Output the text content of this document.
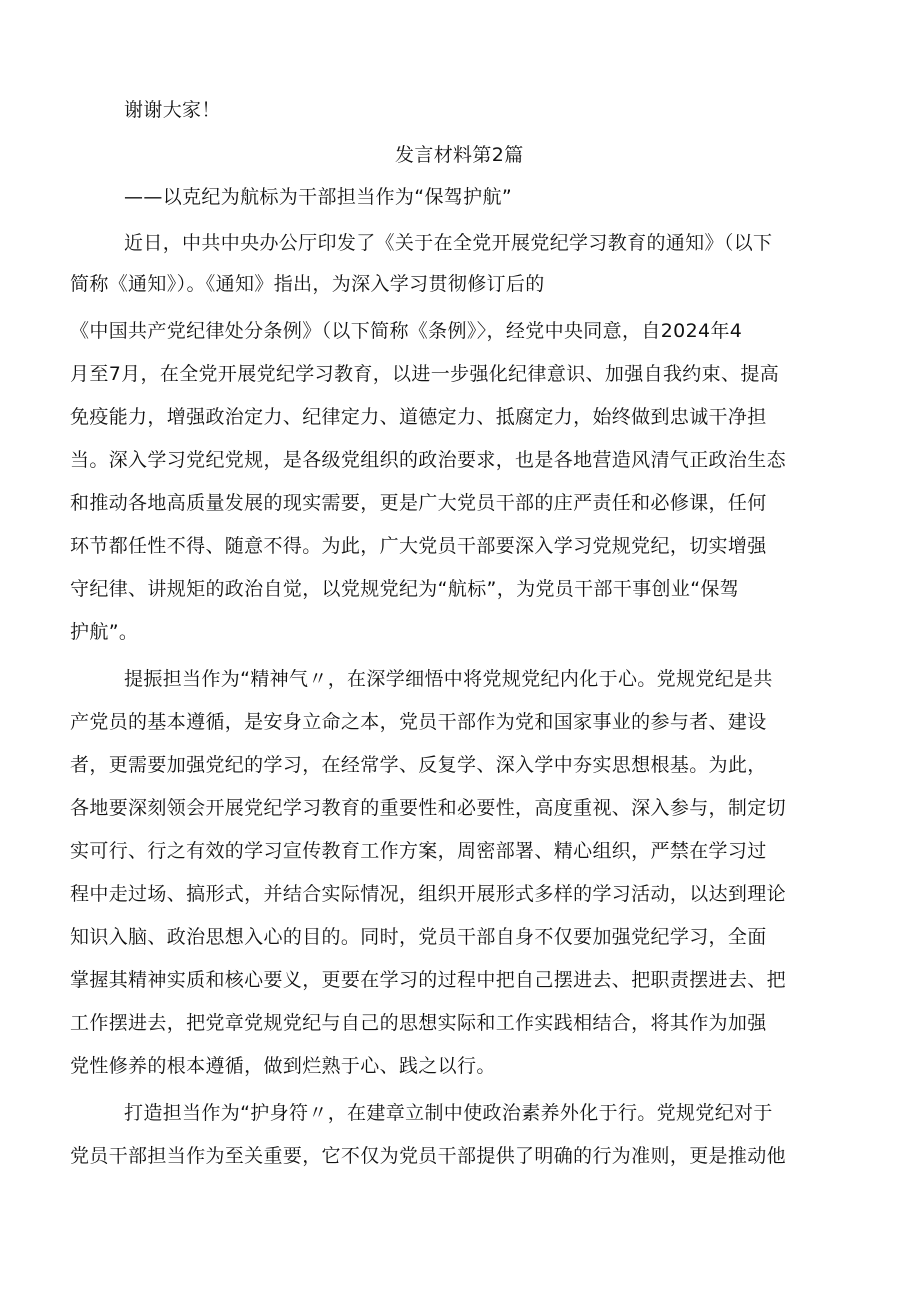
谢谢大家！
发言材料第2篇
——以克纪为航标为干部担当作为“保驾护航”
近日，中共中央办公厅印发了《关于在全党开展党纪学习教育的通知》（以下
简称《通知》）。《通知》指出，为深入学习贯彻修订后的
《中国共产党纪律处分条例》（以下简称《条例》〉，经党中央同意，自2024年4
月至7月，在全党开展党纪学习教育，以进一步强化纪律意识、加强自我约束、提高
免疫能力，增强政治定力、纪律定力、道德定力、抵腐定力，始终做到忠诚干净担
当。深入学习党纪党规，是各级党组织的政治要求，也是各地营造风清气正政治生态
和推动各地高质量发展的现实需要，更是广大党员干部的庄严责任和必修课，任何
环节都任性不得、随意不得。为此，广大党员干部要深入学习党规党纪，切实增强
守纪律、讲规矩的政治自觉，以党规党纪为“航标”，为党员干部干事创业“保驾
护航”。
提振担当作为“精神气〃，在深学细悟中将党规党纪内化于心。党规党纪是共
产党员的基本遵循，是安身立命之本，党员干部作为党和国家事业的参与者、建设
者，更需要加强党纪的学习，在经常学、反复学、深入学中夯实思想根基。为此，
各地要深刻领会开展党纪学习教育的重要性和必要性，高度重视、深入参与，制定切
实可行、行之有效的学习宣传教育工作方案，周密部署、精心组织，严禁在学习过
程中走过场、搞形式，并结合实际情况，组织开展形式多样的学习活动，以达到理论
知识入脑、政治思想入心的目的。同时，党员干部自身不仅要加强党纪学习，全面
掌握其精神实质和核心要义，更要在学习的过程中把自己摆进去、把职责摆进去、把
工作摆进去，把党章党规党纪与自己的思想实际和工作实践相结合，将其作为加强
党性修养的根本遵循，做到烂熟于心、践之以行。
打造担当作为“护身符〃，在建章立制中使政治素养外化于行。党规党纪对于
党员干部担当作为至关重要，它不仅为党员干部提供了明确的行为准则，更是推动他
